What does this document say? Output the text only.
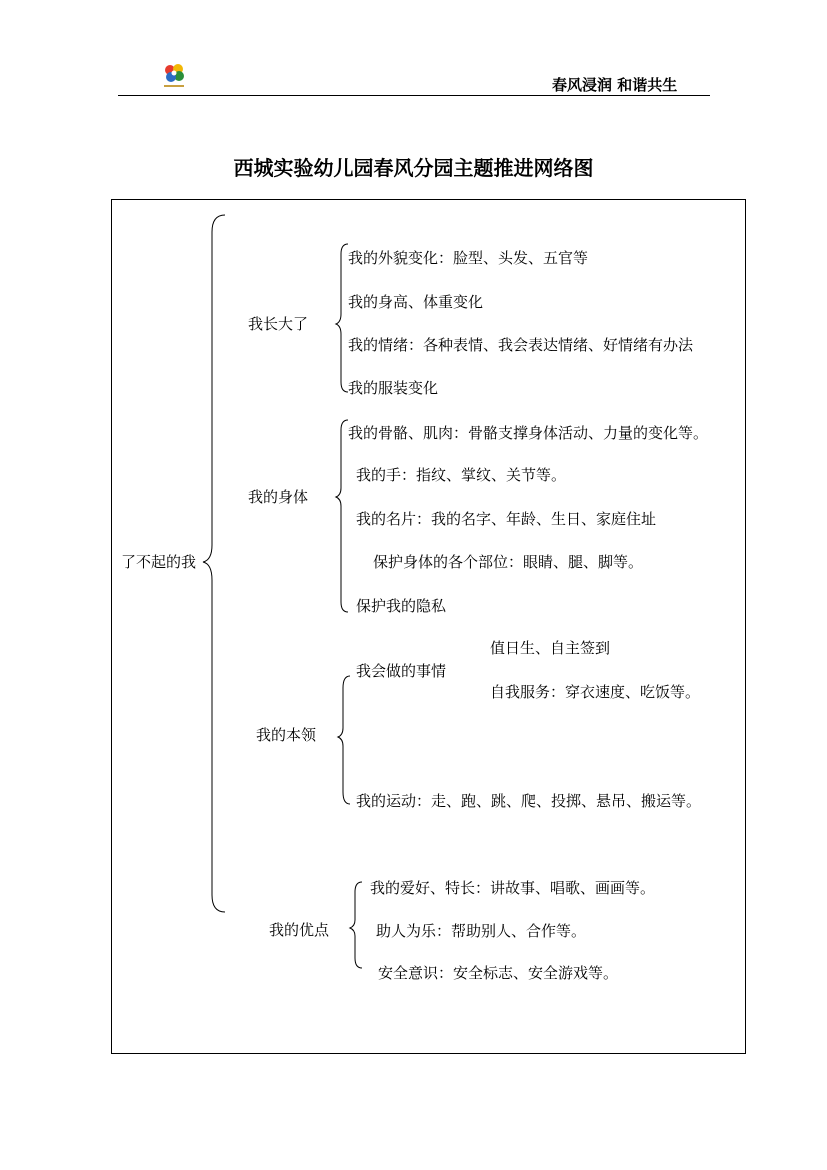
春风浸润 和谐共生
西城实验幼儿园春风分园主题推进网络图
了不起的我
我长大了
我的外貌变化：脸型、头发、五官等
我的身高、体重变化
我的情绪：各种表情、我会表达情绪、好情绪有办法
我的服装变化
我的身体
我的骨骼、肌肉：骨骼支撑身体活动、力量的变化等。
我的手：指纹、掌纹、关节等。
我的名片：我的名字、年龄、生日、家庭住址
保护身体的各个部位：眼睛、腿、脚等。
保护我的隐私
我的本领
我会做的事情
值日生、自主签到
自我服务：穿衣速度、吃饭等。
我的运动：走、跑、跳、爬、投掷、悬吊、搬运等。
我的优点
我的爱好、特长：讲故事、唱歌、画画等。
助人为乐：帮助别人、合作等。
安全意识：安全标志、安全游戏等。
